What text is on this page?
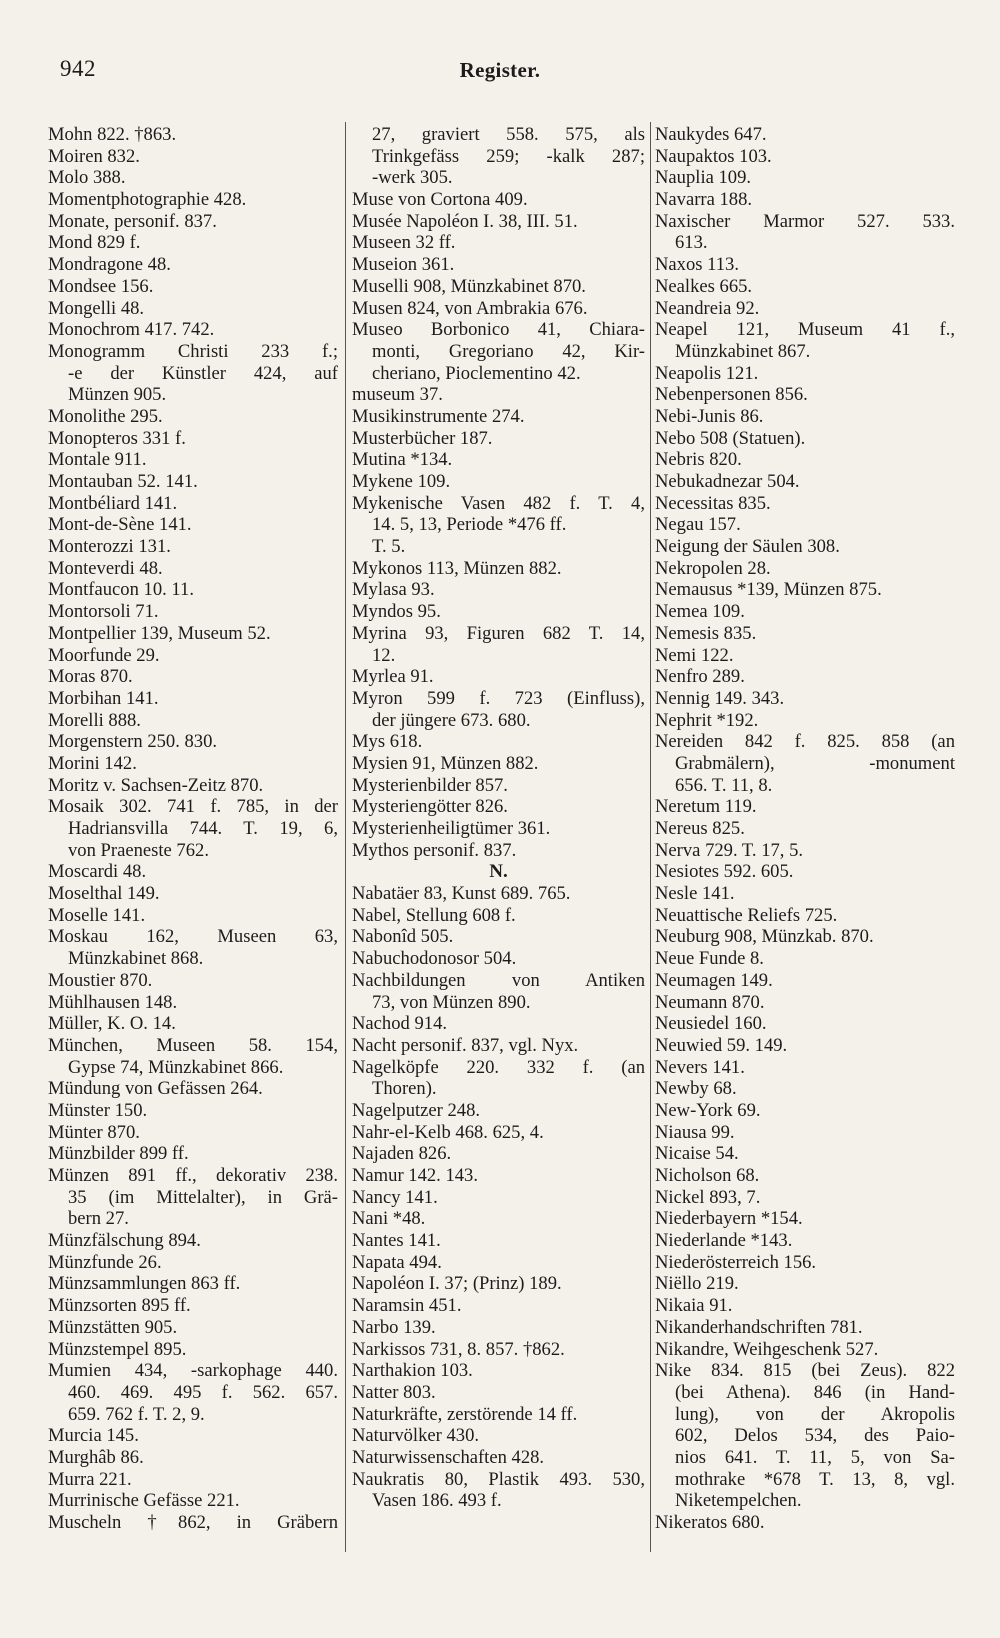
942	Register.
Mohn 822. †863.
Moiren 832.
Molo 388.
Momentphotographie 428.
Monate, personif. 837.
Mond 829 f.
Mondragone 48.
Mondsee 156.
Mongelli 48.
Monochrom 417. 742.
Monogramm Christi 233 f.;
-e der Künstler 424, auf
Münzen 905.
Monolithe 295.
Monopteros 331 f.
Montale 911.
Montauban 52. 141.
Montbéliard 141.
Mont-de-Sène 141.
Monterozzi 131.
Monteverdi 48.
Montfaucon 10. 11.
Montorsoli 71.
Montpellier 139, Museum 52.
Moorfunde 29.
Moras 870.
Morbihan 141.
Morelli 888.
Morgenstern 250. 830.
Morini 142.
Moritz v. Sachsen-Zeitz 870.
Mosaik 302. 741 f. 785, in der
Hadriansvilla 744. T. 19, 6,
von Praeneste 762.
Moscardi 48.
Moselthal 149.
Moselle 141.
Moskau 162, Museen 63,
Münzkabinet 868.
Moustier 870.
Mühlhausen 148.
Müller, K. O. 14.
München, Museen 58. 154,
Gypse 74, Münzkabinet 866.
Mündung von Gefässen 264.
Münster 150.
Münter 870.
Münzbilder 899 ff.
Münzen 891 ff., dekorativ 238.
35 (im Mittelalter), in Grä-
bern 27.
Münzfälschung 894.
Münzfunde 26.
Münzsammlungen 863 ff.
Münzsorten 895 ff.
Münzstätten 905.
Münzstempel 895.
Mumien 434, -sarkophage 440.
460. 469. 495 f. 562. 657.
659. 762 f. T. 2, 9.
Murcia 145.
Murghâb 86.
Murra 221.
Murrinische Gefässe 221.
Muscheln †862, in Gräbern
27, graviert 558. 575, als
Trinkgefäss 259; -kalk 287;
-werk 305.
Muse von Cortona 409.
Musée Napoléon I. 38, III. 51.
Museen 32 ff.
Museion 361.
Muselli 908, Münzkabinet 870.
Musen 824, von Ambrakia 676.
Museo Borbonico 41, Chiara-
monti, Gregoriano 42, Kir-
cheriano, Pioclementino 42.
museum 37.
Musikinstrumente 274.
Musterbücher 187.
Mutina *134.
Mykene 109.
Mykenische Vasen 482 f. T. 4,
14. 5, 13, Periode *476 ff.
T. 5.
Mykonos 113, Münzen 882.
Mylasa 93.
Myndos 95.
Myrina 93, Figuren 682 T. 14,
12.
Myrlea 91.
Myron 599 f. 723 (Einfluss),
der jüngere 673. 680.
Mys 618.
Mysien 91, Münzen 882.
Mysterienbilder 857.
Mysteriengötter 826.
Mysterienheiligtümer 361.
Mythos personif. 837.
N.
Nabatäer 83, Kunst 689. 765.
Nabel, Stellung 608 f.
Nabonîd 505.
Nabuchodonosor 504.
Nachbildungen von Antiken
73, von Münzen 890.
Nachod 914.
Nacht personif. 837, vgl. Nyx.
Nagelköpfe 220. 332 f. (an
Thoren).
Nagelputzer 248.
Nahr-el-Kelb 468. 625, 4.
Najaden 826.
Namur 142. 143.
Nancy 141.
Nani *48.
Nantes 141.
Napata 494.
Napoléon I. 37; (Prinz) 189.
Naramsin 451.
Narbo 139.
Narkissos 731, 8. 857. †862.
Narthakion 103.
Natter 803.
Naturkräfte, zerstörende 14 ff.
Naturvölker 430.
Naturwissenschaften 428.
Naukratis 80, Plastik 493. 530,
Vasen 186. 493 f.
Naukydes 647.
Naupaktos 103.
Nauplia 109.
Navarra 188.
Naxischer Marmor 527. 533.
613.
Naxos 113.
Nealkes 665.
Neandreia 92.
Neapel 121, Museum 41 f.,
Münzkabinet 867.
Neapolis 121.
Nebenpersonen 856.
Nebi-Junis 86.
Nebo 508 (Statuen).
Nebris 820.
Nebukadnezar 504.
Necessitas 835.
Negau 157.
Neigung der Säulen 308.
Nekropolen 28.
Nemausus *139, Münzen 875.
Nemea 109.
Nemesis 835.
Nemi 122.
Nenfro 289.
Nennig 149. 343.
Nephrit *192.
Nereiden 842 f. 825. 858 (an
Grabmälern), -monument
656. T. 11, 8.
Neretum 119.
Nereus 825.
Nerva 729. T. 17, 5.
Nesiotes 592. 605.
Nesle 141.
Neuattische Reliefs 725.
Neuburg 908, Münzkab. 870.
Neue Funde 8.
Neumagen 149.
Neumann 870.
Neusiedel 160.
Neuwied 59. 149.
Nevers 141.
Newby 68.
New-York 69.
Niausa 99.
Nicaise 54.
Nicholson 68.
Nickel 893, 7.
Niederbayern *154.
Niederlande *143.
Niederösterreich 156.
Niëllo 219.
Nikaia 91.
Nikanderhandschriften 781.
Nikandre, Weihgeschenk 527.
Nike 834. 815 (bei Zeus). 822
(bei Athena). 846 (in Hand-
lung), von der Akropolis
602, Delos 534, des Paio-
nios 641. T. 11, 5, von Sa-
mothrake *678 T. 13, 8, vgl.
Niketempelchen.
Nikeratos 680.
